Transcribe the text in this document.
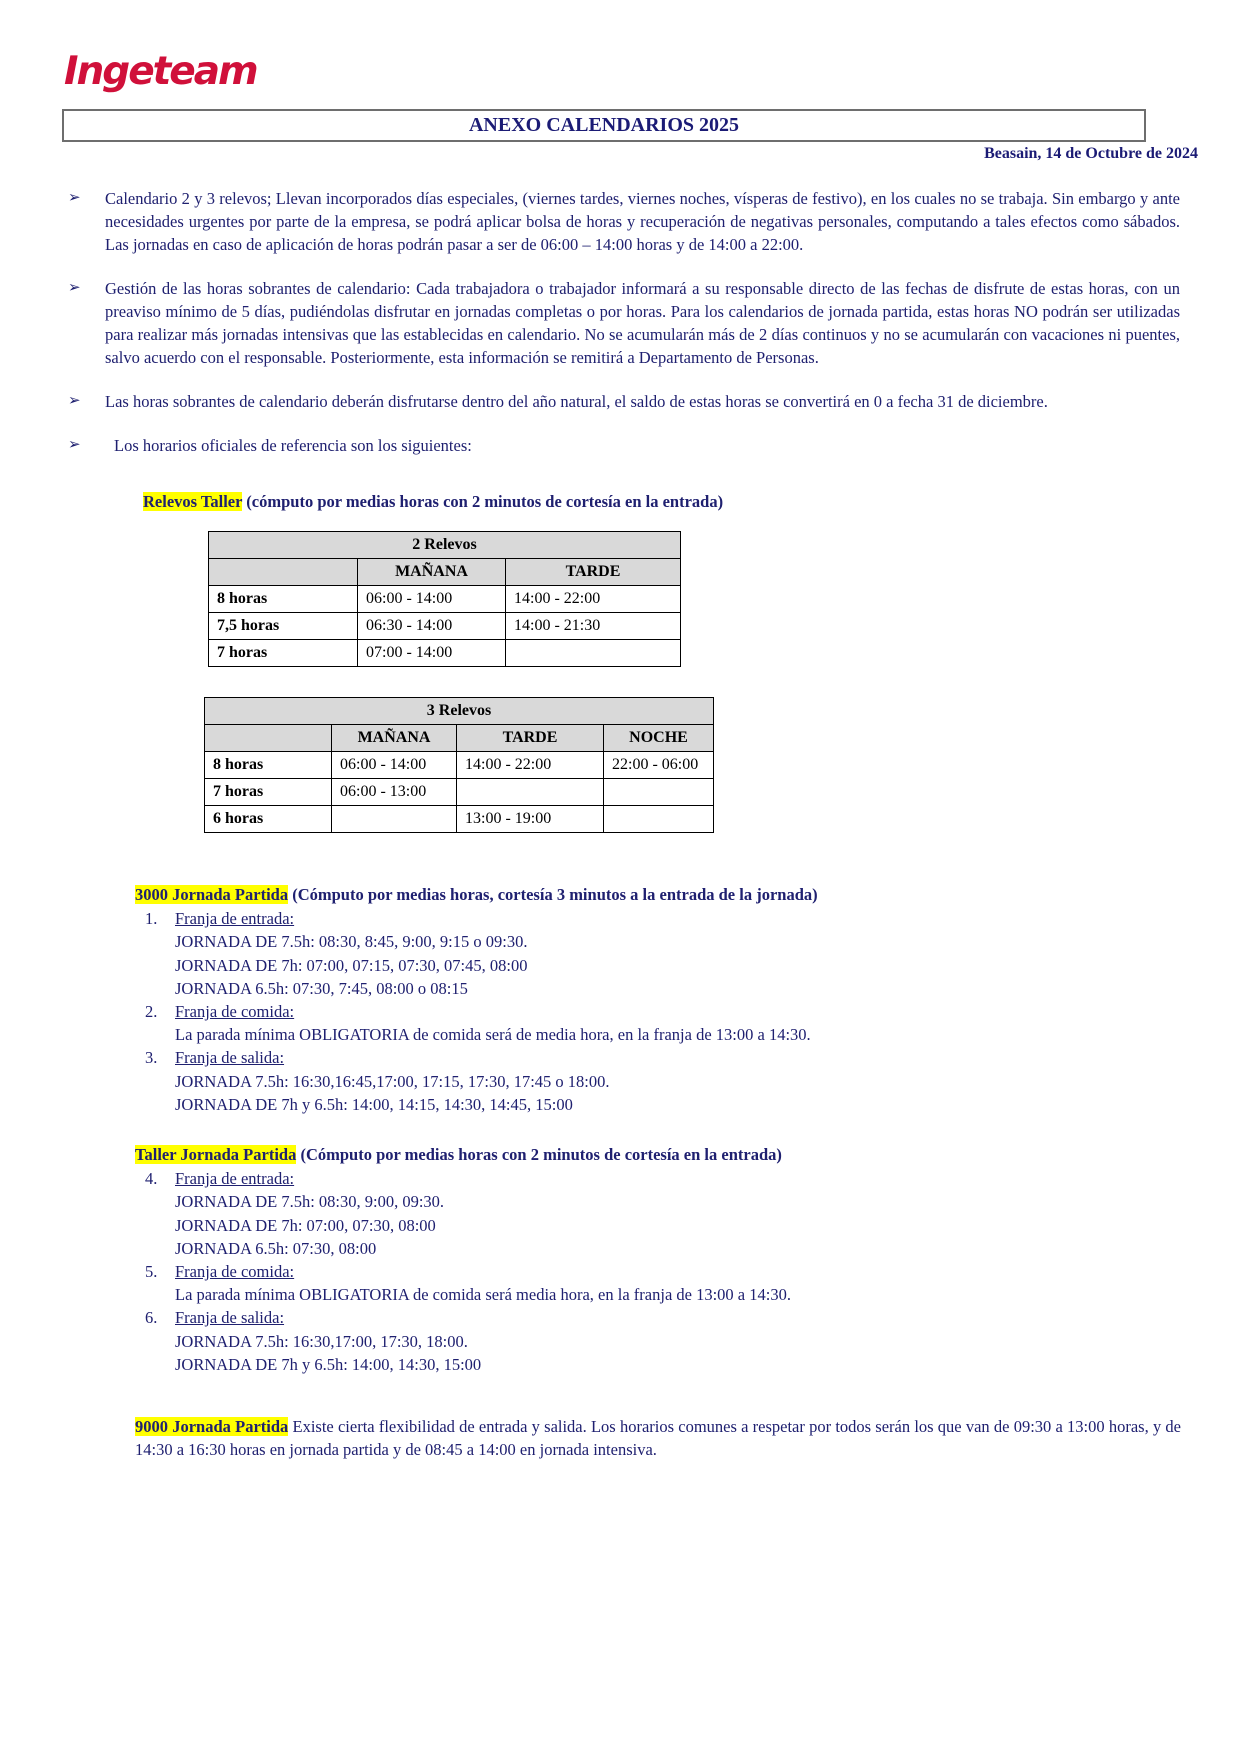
Ingeteam
ANEXO CALENDARIOS 2025
Beasain, 14 de Octubre de 2024
➢	Calendario 2 y 3 relevos; Llevan incorporados días especiales, (viernes tardes, viernes noches, vísperas de festivo), en los cuales no se trabaja. Sin embargo y ante necesidades urgentes por parte de la empresa, se podrá aplicar bolsa de horas y recuperación de negativas personales, computando a tales efectos como sábados. Las jornadas en caso de aplicación de horas podrán pasar a ser de 06:00 – 14:00 horas y de 14:00 a 22:00.
➢	Gestión de las horas sobrantes de calendario: Cada trabajadora o trabajador informará a su responsable directo de las fechas de disfrute de estas horas, con un preaviso mínimo de 5 días, pudiéndolas disfrutar en jornadas completas o por horas. Para los calendarios de jornada partida, estas horas NO podrán ser utilizadas para realizar más jornadas intensivas que las establecidas en calendario. No se acumularán más de 2 días continuos y no se acumularán con vacaciones ni puentes, salvo acuerdo con el responsable. Posteriormente, esta información se remitirá a Departamento de Personas.
➢	Las horas sobrantes de calendario deberán disfrutarse dentro del año natural, el saldo de estas horas se convertirá en 0 a fecha 31 de diciembre.
➢	Los horarios oficiales de referencia son los siguientes:
Relevos Taller (cómputo por medias horas con 2 minutos de cortesía en la entrada)
2 Relevos		
	MAÑANA	TARDE
8 horas	06:00 - 14:00	14:00 - 22:00
7,5 horas	06:30 - 14:00	14:00 - 21:30
7 horas	07:00 - 14:00	
3 Relevos			
	MAÑANA	TARDE	NOCHE
8 horas	06:00 - 14:00	14:00 - 22:00	22:00 - 06:00
7 horas	06:00 - 13:00		
6 horas		13:00 - 19:00	
3000 Jornada Partida (Cómputo por medias horas, cortesía 3 minutos a la entrada de la jornada)
1. Franja de entrada:
JORNADA DE 7.5h: 08:30, 8:45, 9:00, 9:15 o 09:30.
JORNADA DE 7h: 07:00, 07:15, 07:30, 07:45, 08:00
JORNADA 6.5h: 07:30, 7:45, 08:00 o 08:15
2. Franja de comida:
La parada mínima OBLIGATORIA de comida será de media hora, en la franja de 13:00 a 14:30.
3. Franja de salida:
JORNADA 7.5h: 16:30,16:45,17:00, 17:15, 17:30, 17:45 o 18:00.
JORNADA DE 7h y 6.5h: 14:00, 14:15, 14:30, 14:45, 15:00
Taller Jornada Partida (Cómputo por medias horas con 2 minutos de cortesía en la entrada)
4. Franja de entrada:
JORNADA DE 7.5h: 08:30, 9:00, 09:30.
JORNADA DE 7h: 07:00, 07:30, 08:00
JORNADA 6.5h: 07:30, 08:00
5. Franja de comida:
La parada mínima OBLIGATORIA de comida será media hora, en la franja de 13:00 a 14:30.
6. Franja de salida:
JORNADA 7.5h: 16:30,17:00, 17:30, 18:00.
JORNADA DE 7h y 6.5h: 14:00, 14:30, 15:00
9000 Jornada Partida Existe cierta flexibilidad de entrada y salida. Los horarios comunes a respetar por todos serán los que van de 09:30 a 13:00 horas, y de 14:30 a 16:30 horas en jornada partida y de 08:45 a 14:00 en jornada intensiva.
